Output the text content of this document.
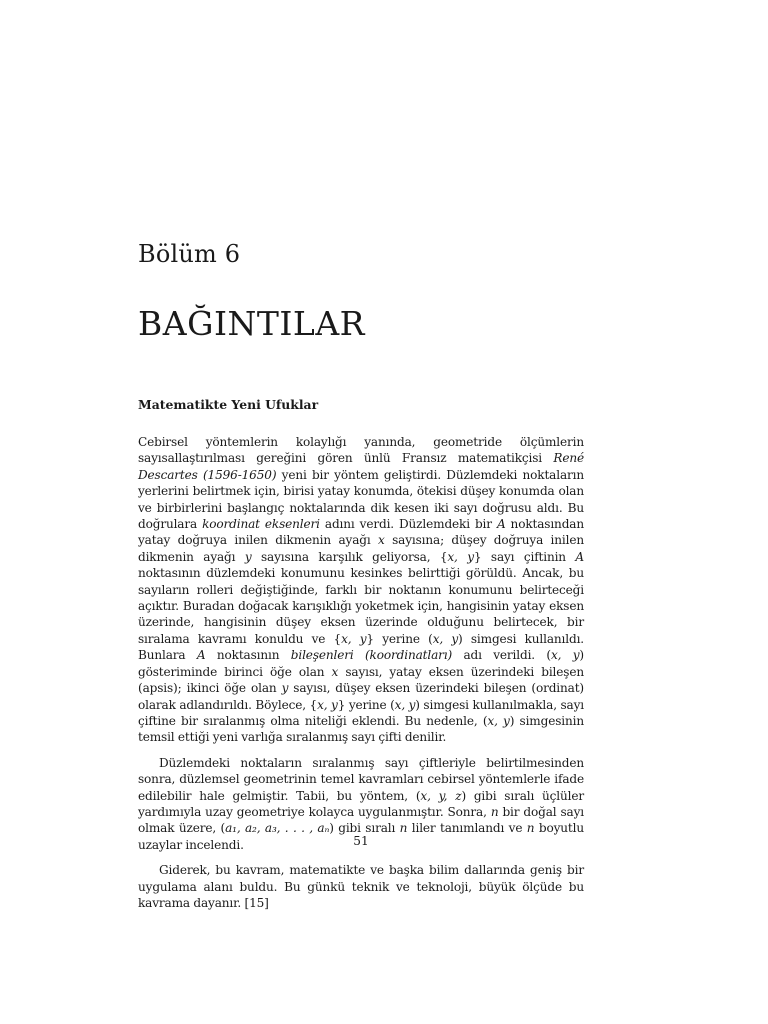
Bölüm 6
BAĞINTILAR
Matematikte Yeni Ufuklar

Cebirsel yöntemlerin kolaylığı yanında, geometride ölçümlerin sayısallaştırılması gereğini gören ünlü Fransız matematikçisi René Descartes (1596-1650) yeni bir yöntem geliştirdi. Düzlemdeki noktaların yerlerini belirtmek için, birisi yatay konumda, ötekisi düşey konumda olan ve birbirlerini başlangıç noktalarında dik kesen iki sayı doğrusu aldı. Bu doğrulara koordinat eksenleri adını verdi. Düzlemdeki bir A noktasından yatay doğruya inilen dikmenin ayağı x sayısına; düşey doğruya inilen dikmenin ayağı y sayısına karşılık geliyorsa, {x, y} sayı çiftinin A noktasının düzlemdeki konumunu kesinkes belirttiği görüldü. Ancak, bu sayıların rolleri değiştiğinde, farklı bir noktanın konumunu belirteceği açıktır. Buradan doğacak karışıklığı yoketmek için, hangisinin yatay eksen üzerinde, hangisinin düşey eksen üzerinde olduğunu belirtecek, bir sıralama kavramı konuldu ve {x, y} yerine (x, y) simgesi kullanıldı. Bunlara A noktasının bileşenleri (koordinatları) adı verildi. (x, y) gösteriminde birinci öğe olan x sayısı, yatay eksen üzerindeki bileşen (apsis); ikinci öğe olan y sayısı, düşey eksen üzerindeki bileşen (ordinat) olarak adlandırıldı. Böylece, {x, y} yerine (x, y) simgesi kullanılmakla, sayı çiftine bir sıralanmış olma niteliği eklendi. Bu nedenle, (x, y) simgesinin temsil ettiği yeni varlığa sıralanmış sayı çifti denilir.

Düzlemdeki noktaların sıralanmış sayı çiftleriyle belirtilmesinden sonra, düzlemsel geometrinin temel kavramları cebirsel yöntemlerle ifade edilebilir hale gelmiştir. Tabii, bu yöntem, (x, y, z) gibi sıralı üçlüler yardımıyla uzay geometriye kolayca uygulanmıştır. Sonra, n bir doğal sayı olmak üzere, (a₁, a₂, a₃, . . . , aₙ) gibi sıralı n liler tanımlandı ve n boyutlu uzaylar incelendi.

Giderek, bu kavram, matematikte ve başka bilim dallarında geniş bir uygulama alanı buldu. Bu günkü teknik ve teknoloji, büyük ölçüde bu kavrama dayanır. [15]

51
